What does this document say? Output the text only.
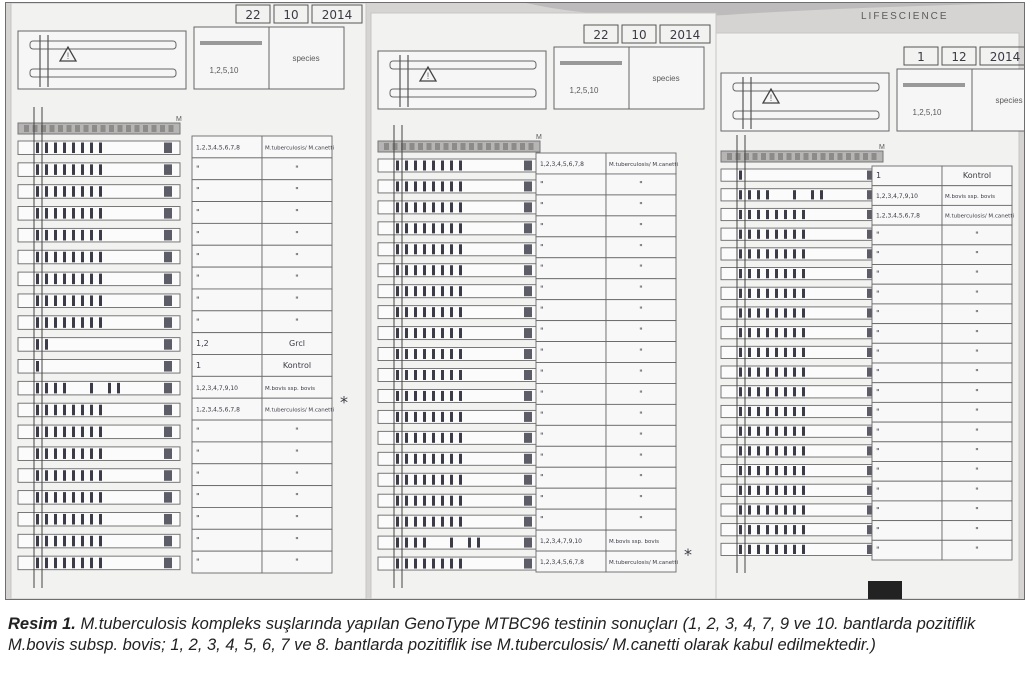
LIFESCIENCE
22 10 2014
!
1,2,5,10
species
M
1,2,3,4,5,6,7,8	M.tuberculosis/ M.canetti
"	"
"	"
"	"
"	"
"	"
"	"
"	"
"	"
1,2	Grcl
1	Kontrol
1,2,3,4,7,9,10	M.bovis ssp. bovis
1,2,3,4,5,6,7,8	M.tuberculosis/ M.canetti
"	"
"	"
"	"
"	"
"	"
"	"
"	"
*
22 10 2014
!
1,2,5,10
species
M
1,2,3,4,5,6,7,8	M.tuberculosis/ M.canetti
"	"
"	"
"	"
"	"
"	"
"	"
"	"
"	"
"	"
"	"
"	"
"	"
"	"
"	"
"	"
"	"
"	"
1,2,3,4,7,9,10	M.bovis ssp. bovis
1,2,3,4,5,6,7,8	M.tuberculosis/ M.canetti *
1 12 2014
!
1,2,5,10
species
M
1	Kontrol
1,2,3,4,7,9,10	M.bovis ssp. bovis
1,2,3,4,5,6,7,8	M.tuberculosis/ M.canetti
"	"
"	"
"	"
"	"
"	"
"	"
"	"
"	"
"	"
"	"
"	"
"	"
"	"
"	"
"	"
"	"
"	"

Resim 1. M.tuberculosis kompleks suşlarında yapılan GenoType MTBC96 testinin sonuçları (1, 2, 3, 4, 7, 9 ve 10. bantlarda pozitiflik M.bovis subsp. bovis; 1, 2, 3, 4, 5, 6, 7 ve 8. bantlarda pozitiflik ise M.tuberculosis/ M.canetti olarak kabul edilmektedir.)
